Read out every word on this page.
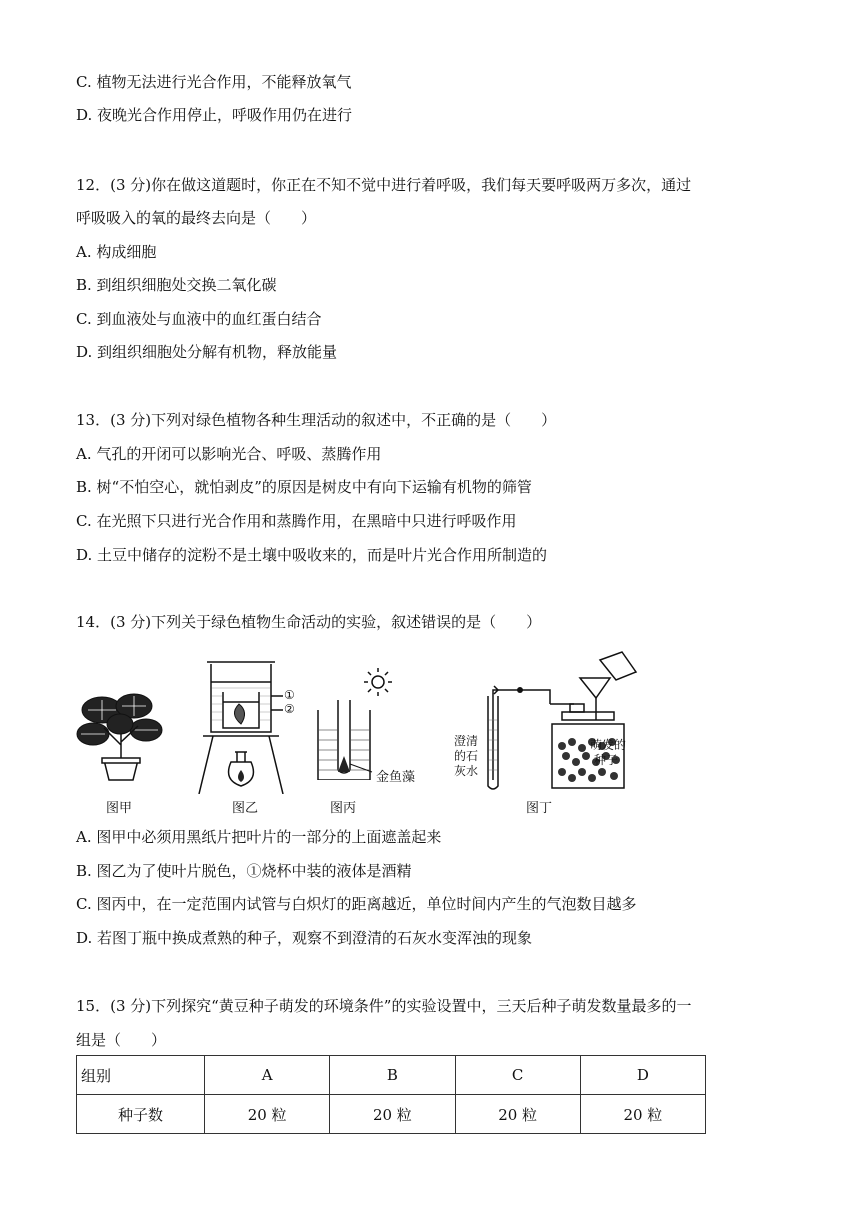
C. 植物无法进行光合作用，不能释放氧气
D. 夜晚光合作用停止，呼吸作用仍在进行
12．(3 分)你在做这道题时，你正在不知不觉中进行着呼吸，我们每天要呼吸两万多次，通过
呼吸吸入的氧的最终去向是（　　）
A. 构成细胞
B. 到组织细胞处交换二氧化碳
C. 到血液处与血液中的血红蛋白结合
D. 到组织细胞处分解有机物，释放能量
13．(3 分)下列对绿色植物各种生理活动的叙述中，不正确的是（　　）
A. 气孔的开闭可以影响光合、呼吸、蒸腾作用
B. 树“不怕空心，就怕剥皮”的原因是树皮中有向下运输有机物的筛管
C. 在光照下只进行光合作用和蒸腾作用，在黑暗中只进行呼吸作用
D. 土豆中储存的淀粉不是土壤中吸收来的，而是叶片光合作用所制造的
14．(3 分)下列关于绿色植物生命活动的实验，叙述错误的是（　　）
图甲
①
②
图乙
金鱼藻
图丙
澄清
的石
灰水
萌发的
种子
图丁
A. 图甲中必须用黑纸片把叶片的一部分的上面遮盖起来
B. 图乙为了使叶片脱色，①烧杯中装的液体是酒精
C. 图丙中，在一定范围内试管与白炽灯的距离越近，单位时间内产生的气泡数目越多
D. 若图丁瓶中换成煮熟的种子，观察不到澄清的石灰水变浑浊的现象
15．(3 分)下列探究“黄豆种子萌发的环境条件”的实验设置中，三天后种子萌发数量最多的一
组是（　　）
组别	A	B	C	D
种子数	20 粒	20 粒	20 粒	20 粒
